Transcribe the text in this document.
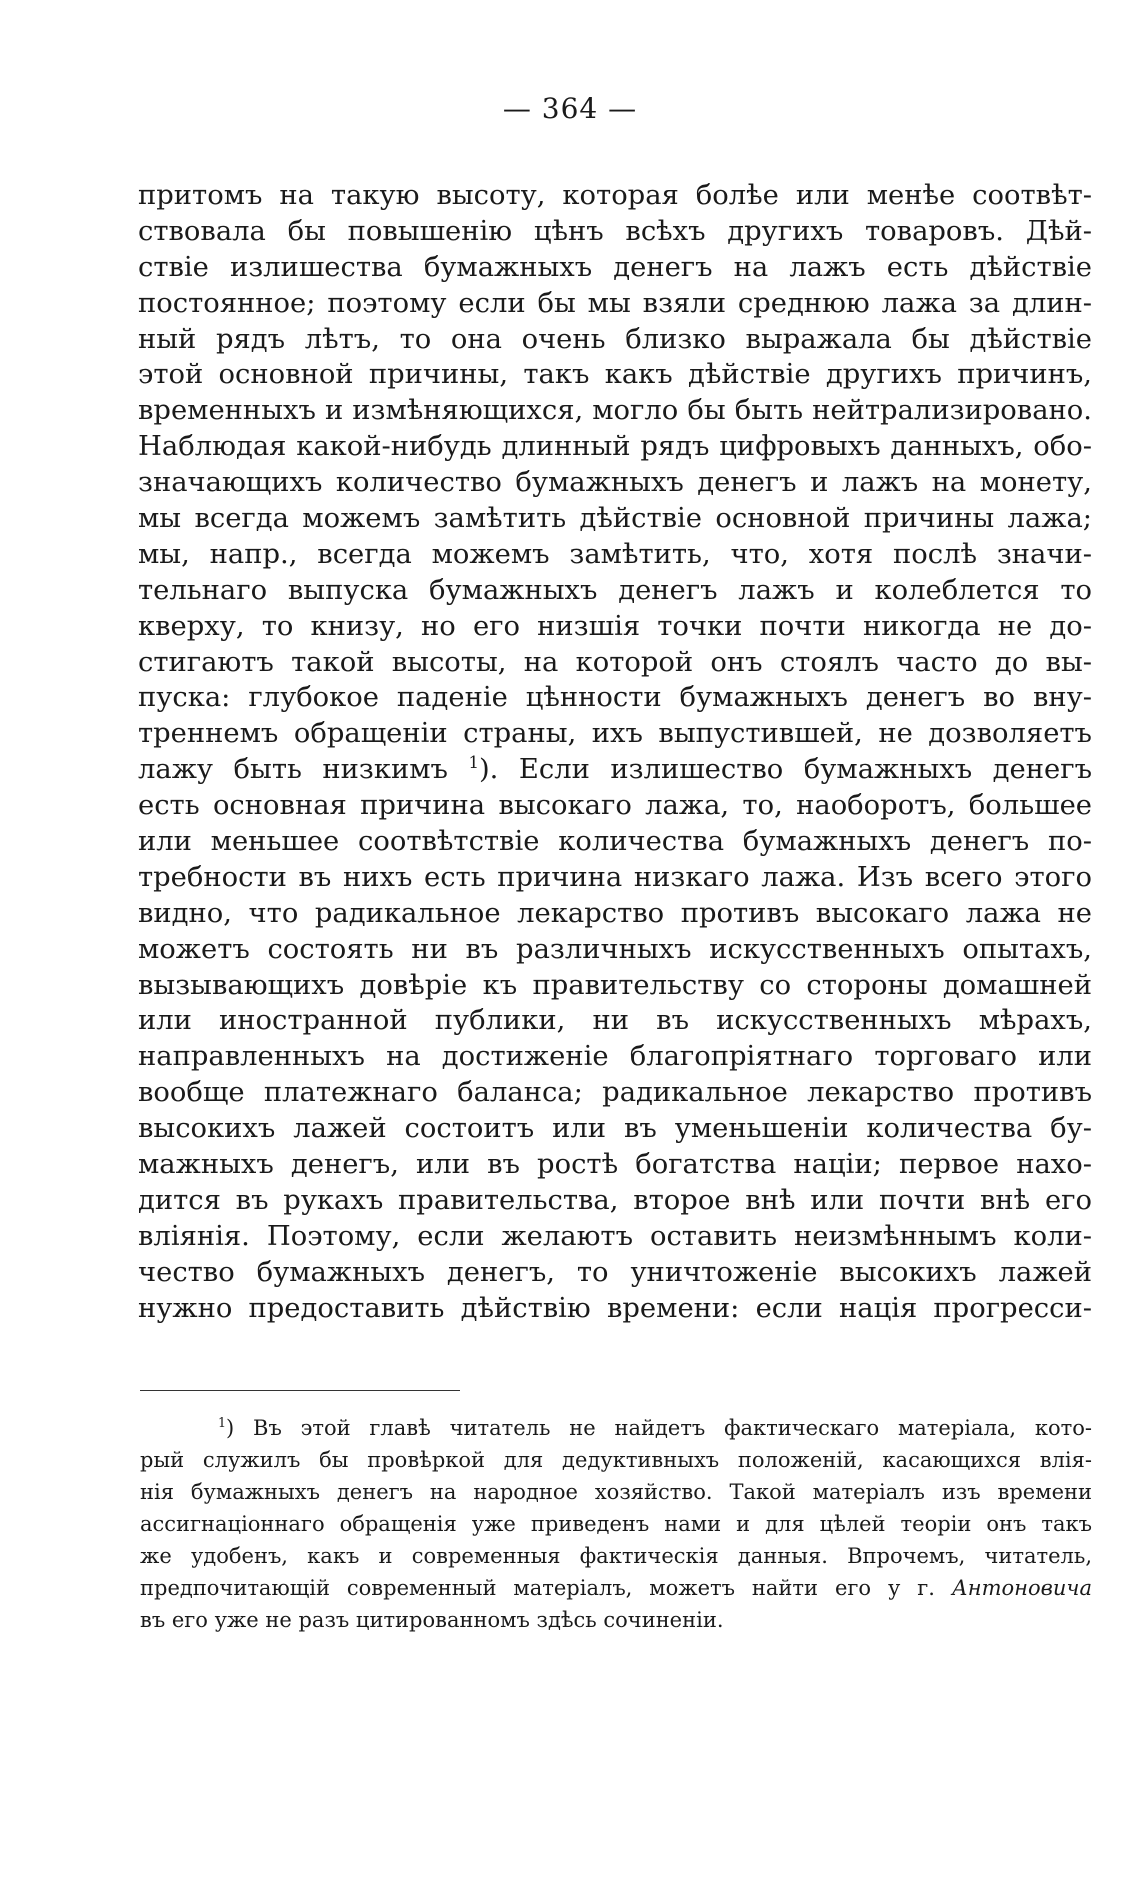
— 364 —
притомъ на такую высоту, которая болѣе или менѣе соотвѣт-
ствовала бы повышенiю цѣнъ всѣхъ другихъ товаровъ. Дѣй-
ствiе излишества бумажныхъ денегъ на лажъ есть дѣйствiе
постоянное; поэтому если бы мы взяли среднюю лажа за длин-
ный рядъ лѣтъ, то она очень близко выражала бы дѣйствiе
этой основной причины, такъ какъ дѣйствiе другихъ причинъ,
временныхъ и измѣняющихся, могло бы быть нейтрализировано.
Наблюдая какой-нибудь длинный рядъ цифровыхъ данныхъ, обо-
значающихъ количество бумажныхъ денегъ и лажъ на монету,
мы всегда можемъ замѣтить дѣйствiе основной причины лажа;
мы, напр., всегда можемъ замѣтить, что, хотя послѣ значи-
тельнаго выпуска бумажныхъ денегъ лажъ и колеблется то
кверху, то книзу, но его низшiя точки почти никогда не до-
стигаютъ такой высоты, на которой онъ стоялъ часто до вы-
пуска: глубокое паденiе цѣнности бумажныхъ денегъ во вну-
треннемъ обращенiи страны, ихъ выпустившей, не дозволяетъ
лажу быть низкимъ $^1$). Если излишество бумажныхъ денегъ
есть основная причина высокаго лажа, то, наоборотъ, большее
или меньшее соотвѣтствiе количества бумажныхъ денегъ по-
требности въ нихъ есть причина низкаго лажа. Изъ всего этого
видно, что радикальное лекарство противъ высокаго лажа не
можетъ состоять ни въ различныхъ искусственныхъ опытахъ,
вызывающихъ довѣрiе къ правительству со стороны домашней
или иностранной публики, ни въ искусственныхъ мѣрахъ,
направленныхъ на достиженiе благопрiятнаго торговаго или
вообще платежнаго баланса; радикальное лекарство противъ
высокихъ лажей состоитъ или въ уменьшенiи количества бу-
мажныхъ денегъ, или въ ростѣ богатства нацiи; первое нахо-
дится въ рукахъ правительства, второе внѣ или почти внѣ его
влiянiя. Поэтому, если желаютъ оставить неизмѣннымъ коли-
чество бумажныхъ денегъ, то уничтоженiе высокихъ лажей
нужно предоставить дѣйствiю времени: если нацiя прогресси-
$^1$) Въ этой главѣ читатель не найдетъ фактическаго матерiала, кото-
рый служилъ бы провѣркой для дедуктивныхъ положенiй, касающихся влiя-
нiя бумажныхъ денегъ на народное хозяйство. Такой матерiалъ изъ времени
ассигнацiоннаго обращенiя уже приведенъ нами и для цѣлей теорiи онъ такъ
же удобенъ, какъ и современныя фактическiя данныя. Впрочемъ, читатель,
предпочитающiй современный матерiалъ, можетъ найти его у г. Антоновича
въ его уже не разъ цитированномъ здѣсь сочиненiи.
